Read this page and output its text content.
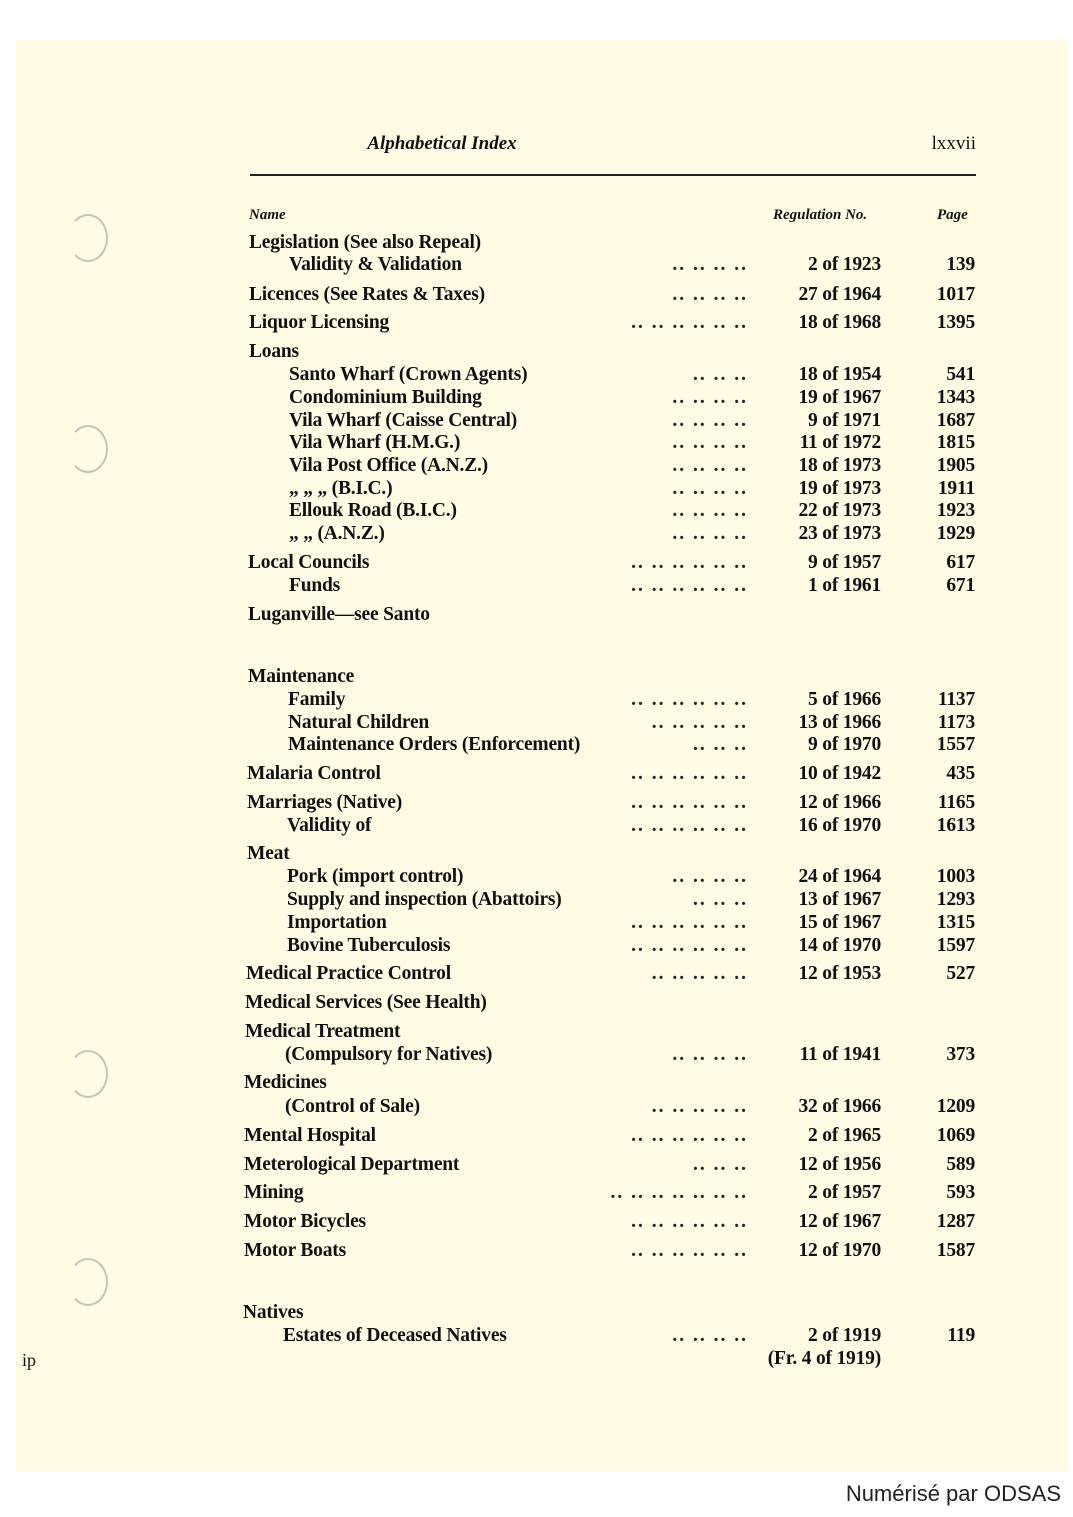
Alphabetical Index	lxxvii
Name	Regulation No.	Page
Legislation (See also Repeal)
Validity & Validation	.. .. .. ..	2 of 1923	139
Licences (See Rates & Taxes)	.. .. .. ..	27 of 1964	1017
Liquor Licensing	.. .. .. .. .. ..	18 of 1968	1395
Loans
Santo Wharf (Crown Agents)	.. .. ..	18 of 1954	541
Condominium Building	.. .. .. ..	19 of 1967	1343
Vila Wharf (Caisse Central)	.. .. .. ..	9 of 1971	1687
Vila Wharf (H.M.G.)	.. .. .. ..	11 of 1972	1815
Vila Post Office (A.N.Z.)	.. .. .. ..	18 of 1973	1905
„ „ „ (B.I.C.)	.. .. .. ..	19 of 1973	1911
Ellouk Road (B.I.C.)	.. .. .. ..	22 of 1973	1923
„ „ (A.N.Z.)	.. .. .. ..	23 of 1973	1929
Local Councils	.. .. .. .. .. ..	9 of 1957	617
Funds	.. .. .. .. .. ..	1 of 1961	671
Luganville—see Santo
Maintenance
Family	.. .. .. .. .. ..	5 of 1966	1137
Natural Children	.. .. .. .. ..	13 of 1966	1173
Maintenance Orders (Enforcement)	.. .. ..	9 of 1970	1557
Malaria Control	.. .. .. .. .. ..	10 of 1942	435
Marriages (Native)	.. .. .. .. .. ..	12 of 1966	1165
Validity of	.. .. .. .. .. ..	16 of 1970	1613
Meat
Pork (import control)	.. .. .. ..	24 of 1964	1003
Supply and inspection (Abattoirs)	.. .. ..	13 of 1967	1293
Importation	.. .. .. .. .. ..	15 of 1967	1315
Bovine Tuberculosis	.. .. .. .. .. ..	14 of 1970	1597
Medical Practice Control	.. .. .. .. ..	12 of 1953	527
Medical Services (See Health)
Medical Treatment
(Compulsory for Natives)	.. .. .. ..	11 of 1941	373
Medicines
(Control of Sale)	.. .. .. .. ..	32 of 1966	1209
Mental Hospital	.. .. .. .. .. ..	2 of 1965	1069
Meterological Department	.. .. ..	12 of 1956	589
Mining	.. .. .. .. .. .. ..	2 of 1957	593
Motor Bicycles	.. .. .. .. .. ..	12 of 1967	1287
Motor Boats	.. .. .. .. .. ..	12 of 1970	1587
Natives
Estates of Deceased Natives	.. .. .. ..	2 of 1919	119
(Fr. 4 of 1919)
ip
Numérisé par ODSAS
